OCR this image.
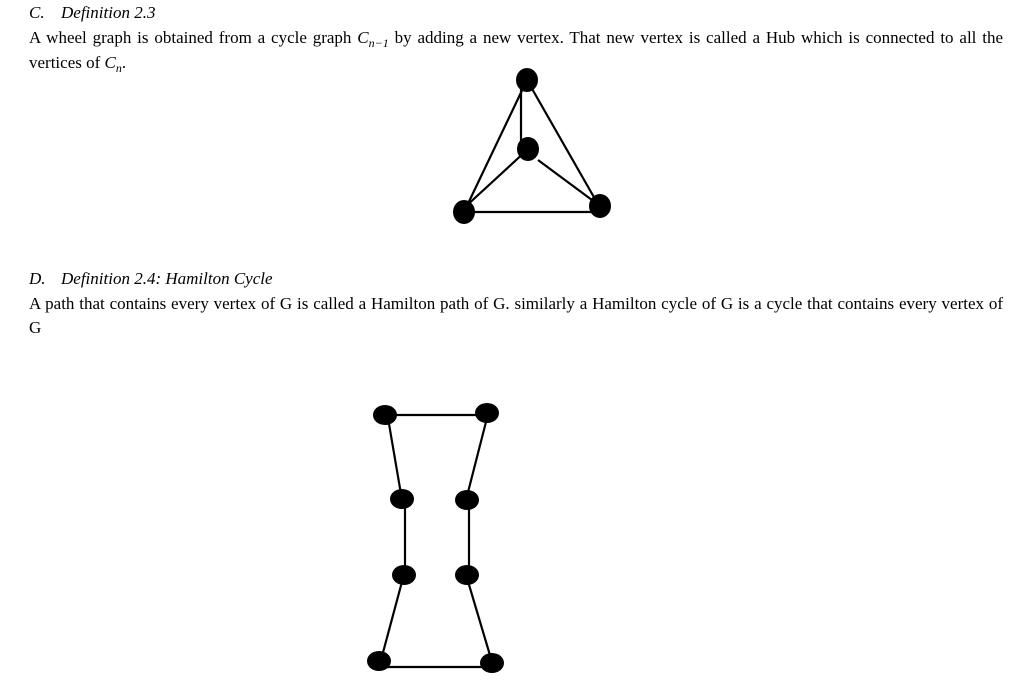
C. Definition 2.3
A wheel graph is obtained from a cycle graph $C_{n-1}$ by adding a new vertex. That new vertex is called a Hub which is connected to all the vertices of $C_n$.
D. Definition 2.4: Hamilton Cycle
A path that contains every vertex of G is called a Hamilton path of G. similarly a Hamilton cycle of G is a cycle that contains every vertex of G
